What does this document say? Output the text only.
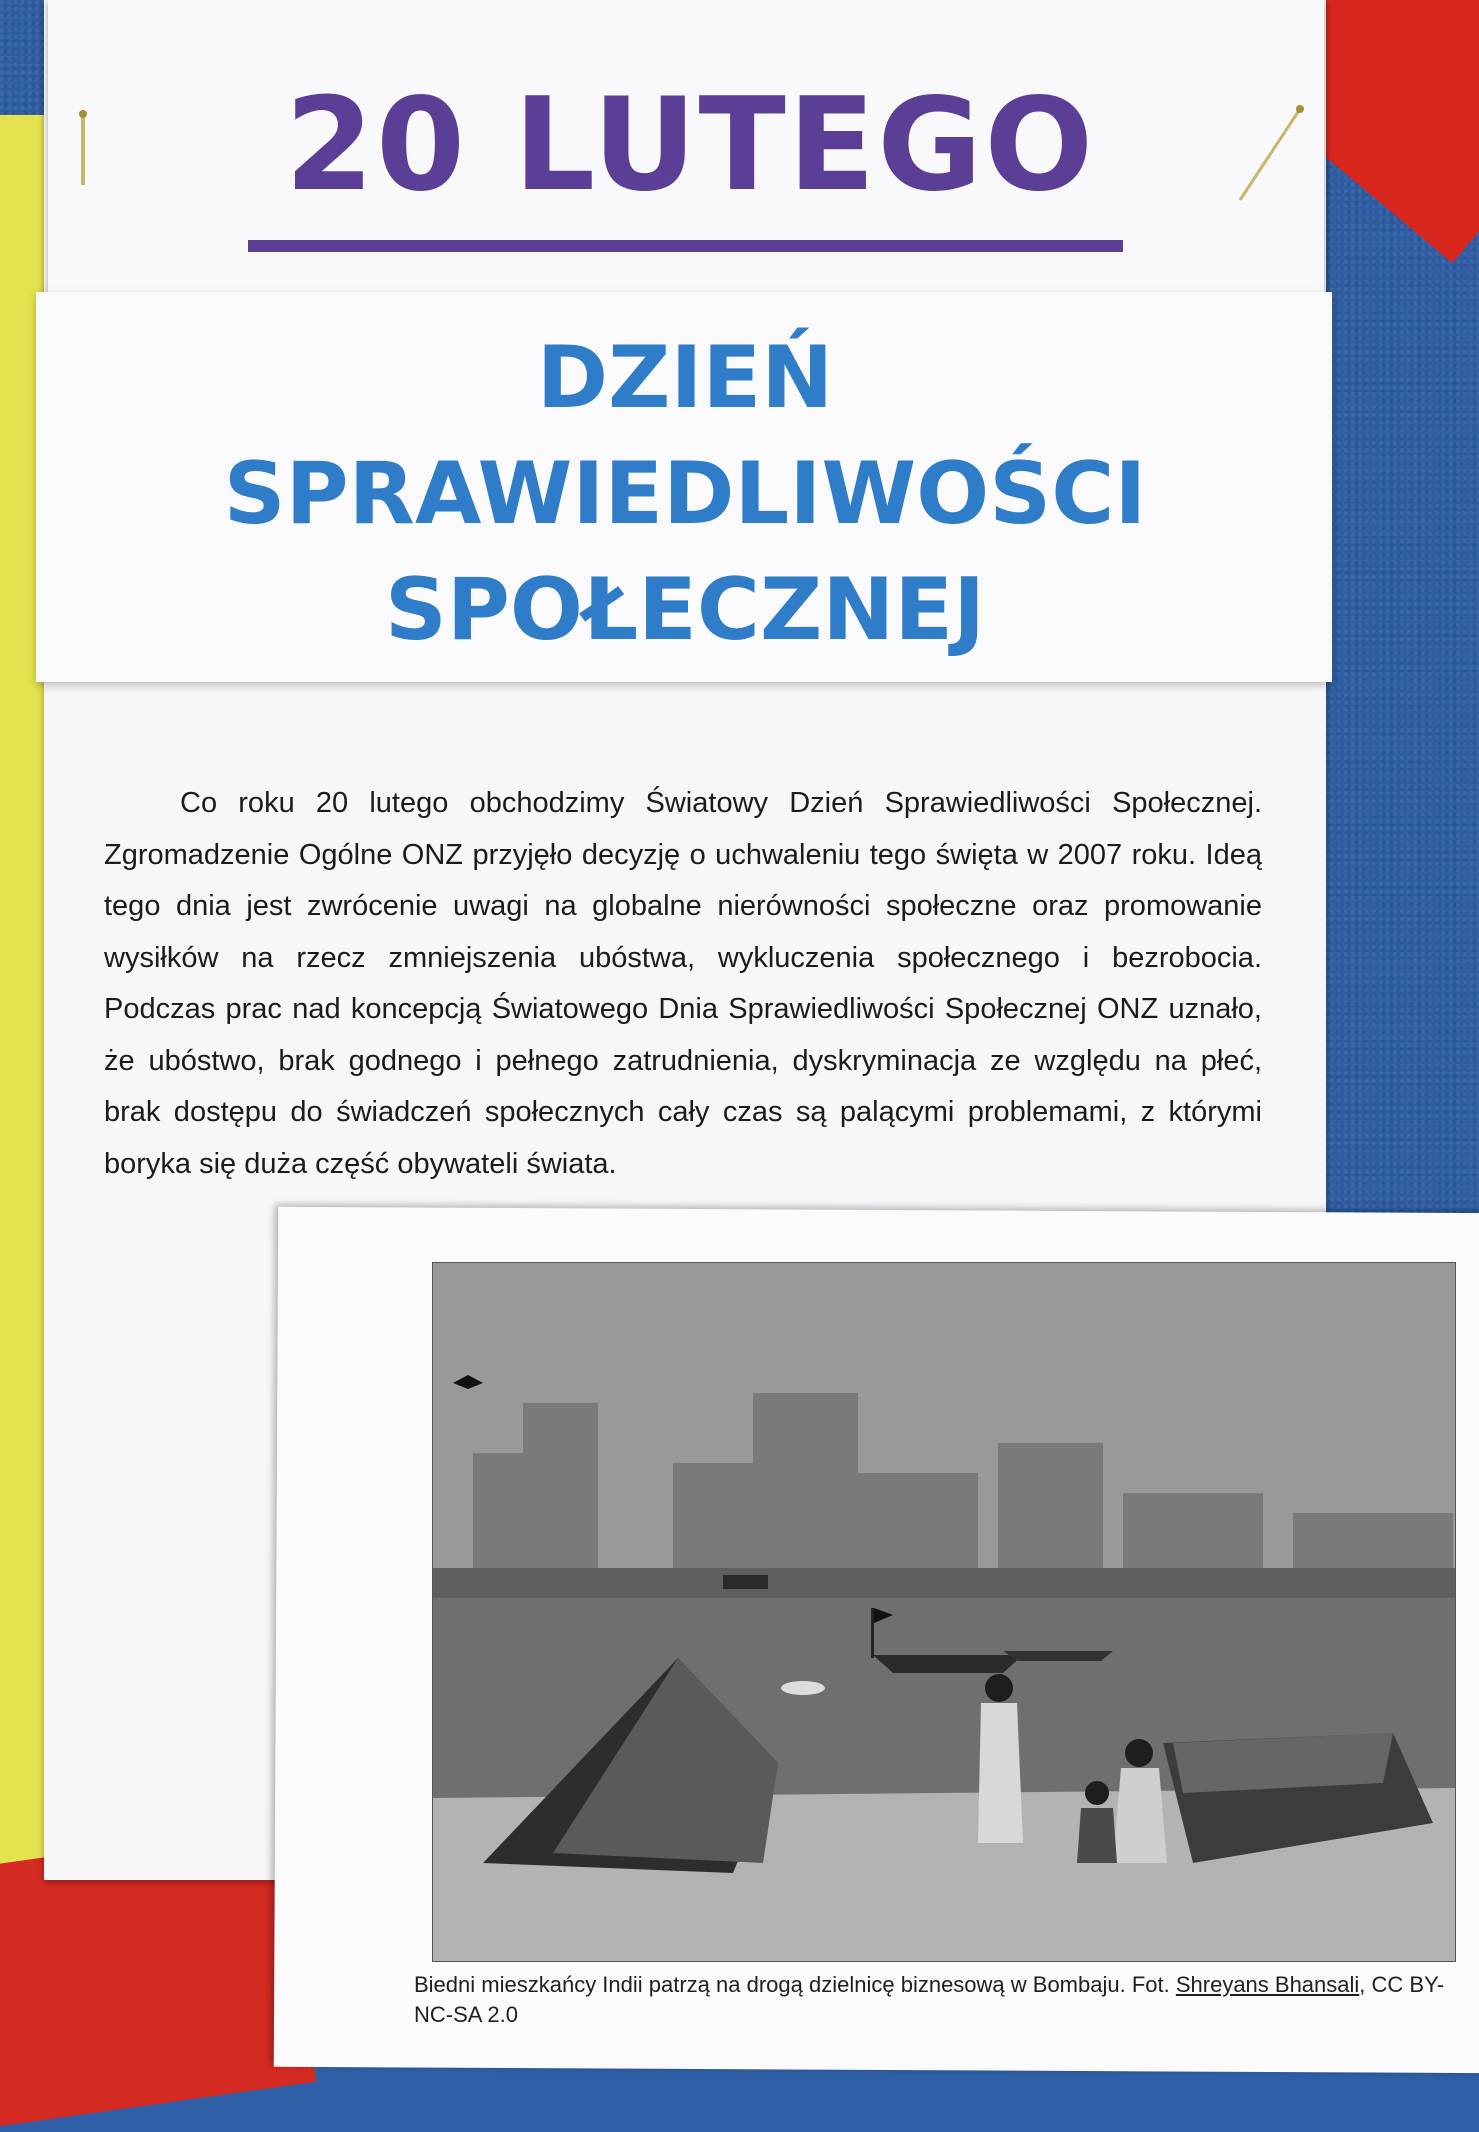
20 LUTEGO
DZIEŃ
SPRAWIEDLIWOŚCI
SPOŁECZNEJ

Co roku 20 lutego obchodzimy Światowy Dzień Sprawiedliwości Społecznej. Zgromadzenie Ogólne ONZ przyjęło decyzję o uchwaleniu tego święta w 2007 roku. Ideą tego dnia jest zwrócenie uwagi na globalne nierówności społeczne oraz promowanie wysiłków na rzecz zmniejszenia ubóstwa, wykluczenia społecznego i bezrobocia. Podczas prac nad koncepcją Światowego Dnia Sprawiedliwości Społecznej ONZ uznało, że ubóstwo, brak godnego i pełnego zatrudnienia, dyskryminacja ze względu na płeć, brak dostępu do świadczeń społecznych cały czas są palącymi problemami, z którymi boryka się duża część obywateli świata.

Biedni mieszkańcy Indii patrzą na drogą dzielnicę biznesową w Bombaju. Fot. Shreyans Bhansali, CC BY-NC-SA 2.0
